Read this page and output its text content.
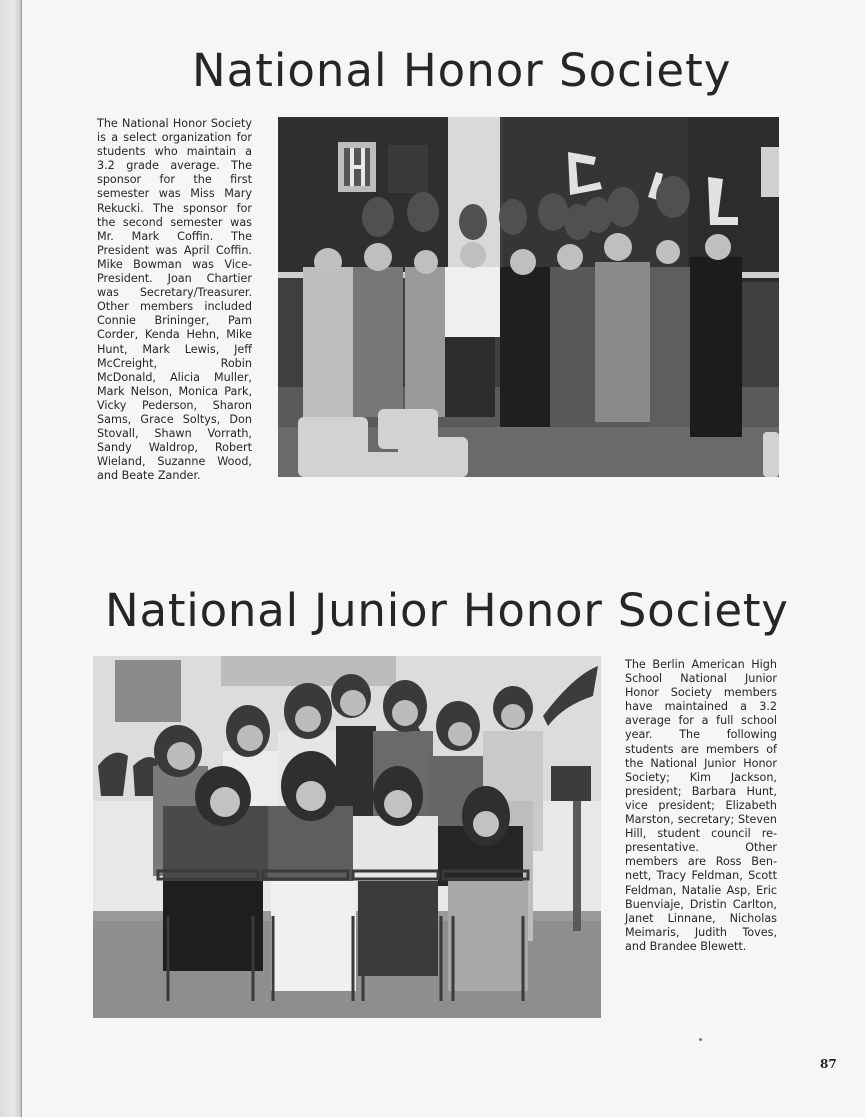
National Honor Society

The National Honor Society is a select organization for students who maintain a 3.2 grade average. The sponsor for the first semester was Miss Mary Rekucki. The sponsor for the second semester was Mr. Mark Coffin. The President was April Coffin. Mike Bowman was Vice-President. Joan Chartier was Secretary/Treasurer. Other members included Connie Brininger, Pam Corder, Kenda Hehn, Mike Hunt, Mark Lewis, Jeff McCreight, Robin McDonald, Alicia Muller, Mark Nelson, Monica Park, Vicky Pederson, Sharon Sams, Grace Soltys, Don Stovall, Shawn Vorrath, Sandy Waldrop, Robert Wieland, Suzanne Wood, and Beate Zander.

National Junior Honor Society

The Berlin American High School National Junior Honor Society members have maintained a 3.2 average for a full school year. The following students are members of the National Junior Honor Society; Kim Jackson, president; Barbara Hunt, vice president; Elizabeth Marston, secretary; Steven Hill, student council representative. Other members are Ross Bennett, Tracy Feldman, Scott Feldman, Natalie Asp, Eric Buenviaje, Dristin Carlton, Janet Linnane, Nicholas Meimaris, Judith Toves, and Brandee Blewett.

87
